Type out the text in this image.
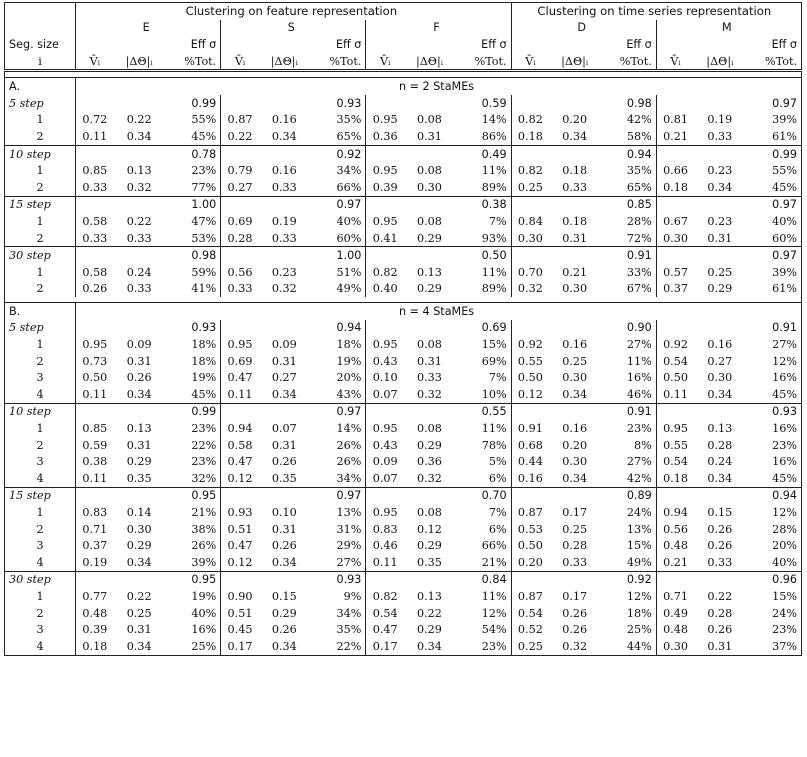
	Clustering on feature representation									Clustering on time series representation					
	E			S			F			D			M		
Seg. size			Eff σ			Eff σ			Eff σ			Eff σ			Eff σ
i	V̄ᵢ	|ΔΘ|ᵢ	%Tot.	V̄ᵢ	|ΔΘ|ᵢ	%Tot.	V̄ᵢ	|ΔΘ|ᵢ	%Tot.	V̄ᵢ	|ΔΘ|ᵢ	%Tot.	V̄ᵢ	|ΔΘ|ᵢ	%Tot.

A.	n = 2 StaMEs														
5 step			0.99			0.93			0.59			0.98			0.97
1	0.72	0.22	55%	0.87	0.16	35%	0.95	0.08	14%	0.82	0.20	42%	0.81	0.19	39%
2	0.11	0.34	45%	0.22	0.34	65%	0.36	0.31	86%	0.18	0.34	58%	0.21	0.33	61%
10 step			0.78			0.92			0.49			0.94			0.99
1	0.85	0.13	23%	0.79	0.16	34%	0.95	0.08	11%	0.82	0.18	35%	0.66	0.23	55%
2	0.33	0.32	77%	0.27	0.33	66%	0.39	0.30	89%	0.25	0.33	65%	0.18	0.34	45%
15 step			1.00			0.97			0.38			0.85			0.97
1	0.58	0.22	47%	0.69	0.19	40%	0.95	0.08	7%	0.84	0.18	28%	0.67	0.23	40%
2	0.33	0.33	53%	0.28	0.33	60%	0.41	0.29	93%	0.30	0.31	72%	0.30	0.31	60%
30 step			0.98			1.00			0.50			0.91			0.97
1	0.58	0.24	59%	0.56	0.23	51%	0.82	0.13	11%	0.70	0.21	33%	0.57	0.25	39%
2	0.26	0.33	41%	0.33	0.32	49%	0.40	0.29	89%	0.32	0.30	67%	0.37	0.29	61%

B.	n = 4 StaMEs														
5 step			0.93			0.94			0.69			0.90			0.91
1	0.95	0.09	18%	0.95	0.09	18%	0.95	0.08	15%	0.92	0.16	27%	0.92	0.16	27%
2	0.73	0.31	18%	0.69	0.31	19%	0.43	0.31	69%	0.55	0.25	11%	0.54	0.27	12%
3	0.50	0.26	19%	0.47	0.27	20%	0.10	0.33	7%	0.50	0.30	16%	0.50	0.30	16%
4	0.11	0.34	45%	0.11	0.34	43%	0.07	0.32	10%	0.12	0.34	46%	0.11	0.34	45%
10 step			0.99			0.97			0.55			0.91			0.93
1	0.85	0.13	23%	0.94	0.07	14%	0.95	0.08	11%	0.91	0.16	23%	0.95	0.13	16%
2	0.59	0.31	22%	0.58	0.31	26%	0.43	0.29	78%	0.68	0.20	8%	0.55	0.28	23%
3	0.38	0.29	23%	0.47	0.26	26%	0.09	0.36	5%	0.44	0.30	27%	0.54	0.24	16%
4	0.11	0.35	32%	0.12	0.35	34%	0.07	0.32	6%	0.16	0.34	42%	0.18	0.34	45%
15 step			0.95			0.97			0.70			0.89			0.94
1	0.83	0.14	21%	0.93	0.10	13%	0.95	0.08	7%	0.87	0.17	24%	0.94	0.15	12%
2	0.71	0.30	38%	0.51	0.31	31%	0.83	0.12	6%	0.53	0.25	13%	0.56	0.26	28%
3	0.37	0.29	26%	0.47	0.26	29%	0.46	0.29	66%	0.50	0.28	15%	0.48	0.26	20%
4	0.19	0.34	39%	0.12	0.34	27%	0.11	0.35	21%	0.20	0.33	49%	0.21	0.33	40%
30 step			0.95			0.93			0.84			0.92			0.96
1	0.77	0.22	19%	0.90	0.15	9%	0.82	0.13	11%	0.87	0.17	12%	0.71	0.22	15%
2	0.48	0.25	40%	0.51	0.29	34%	0.54	0.22	12%	0.54	0.26	18%	0.49	0.28	24%
3	0.39	0.31	16%	0.45	0.26	35%	0.47	0.29	54%	0.52	0.26	25%	0.48	0.26	23%
4	0.18	0.34	25%	0.17	0.34	22%	0.17	0.34	23%	0.25	0.32	44%	0.30	0.31	37%
